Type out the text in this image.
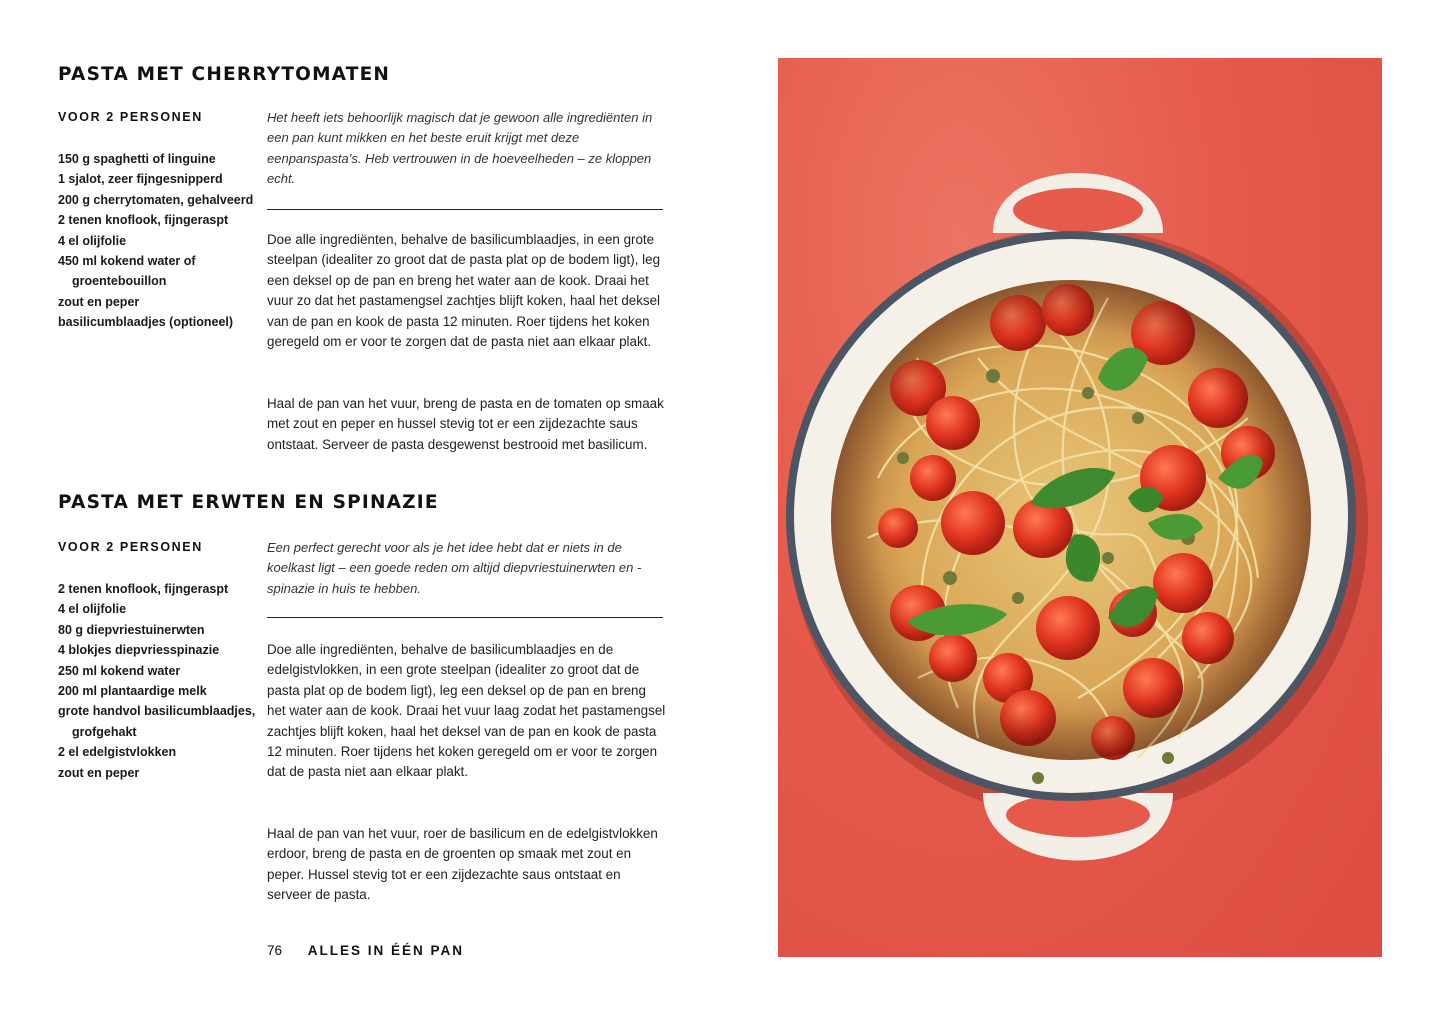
PASTA MET CHERRYTOMATEN
VOOR 2 PERSONEN
150 g spaghetti of linguine
1 sjalot, zeer fijngesnipperd
200 g cherrytomaten, gehalveerd
2 tenen knoflook, fijngeraspt
4 el olijfolie
450 ml kokend water of groentebouillon
zout en peper
basilicumblaadjes (optioneel)

Het heeft iets behoorlijk magisch dat je gewoon alle ingrediënten in een pan kunt mikken en het beste eruit krijgt met deze eenpanspasta’s. Heb vertrouwen in de hoeveelheden – ze kloppen echt.

Doe alle ingrediënten, behalve de basilicumblaadjes, in een grote steelpan (idealiter zo groot dat de pasta plat op de bodem ligt), leg een deksel op de pan en breng het water aan de kook. Draai het vuur zo dat het pastamengsel zachtjes blijft koken, haal het deksel van de pan en kook de pasta 12 minuten. Roer tijdens het koken geregeld om er voor te zorgen dat de pasta niet aan elkaar plakt.

Haal de pan van het vuur, breng de pasta en de tomaten op smaak met zout en peper en hussel stevig tot er een zijdezachte saus ontstaat. Serveer de pasta desgewenst bestrooid met basilicum.

PASTA MET ERWTEN EN SPINAZIE
VOOR 2 PERSONEN
2 tenen knoflook, fijngeraspt
4 el olijfolie
80 g diepvriestuinerwten
4 blokjes diepvriesspinazie
250 ml kokend water
200 ml plantaardige melk
grote handvol basilicumblaadjes, grofgehakt
2 el edelgistvlokken
zout en peper

Een perfect gerecht voor als je het idee hebt dat er niets in de koelkast ligt – een goede reden om altijd diepvriestuinerwten en -spinazie in huis te hebben.

Doe alle ingrediënten, behalve de basilicumblaadjes en de edelgistvlokken, in een grote steelpan (idealiter zo groot dat de pasta plat op de bodem ligt), leg een deksel op de pan en breng het water aan de kook. Draai het vuur laag zodat het pastamengsel zachtjes blijft koken, haal het deksel van de pan en kook de pasta 12 minuten. Roer tijdens het koken geregeld om er voor te zorgen dat de pasta niet aan elkaar plakt.

Haal de pan van het vuur, roer de basilicum en de edelgistvlokken erdoor, breng de pasta en de groenten op smaak met zout en peper. Hussel stevig tot er een zijdezachte saus ontstaat en serveer de pasta.

76 ALLES IN ÉÉN PAN
